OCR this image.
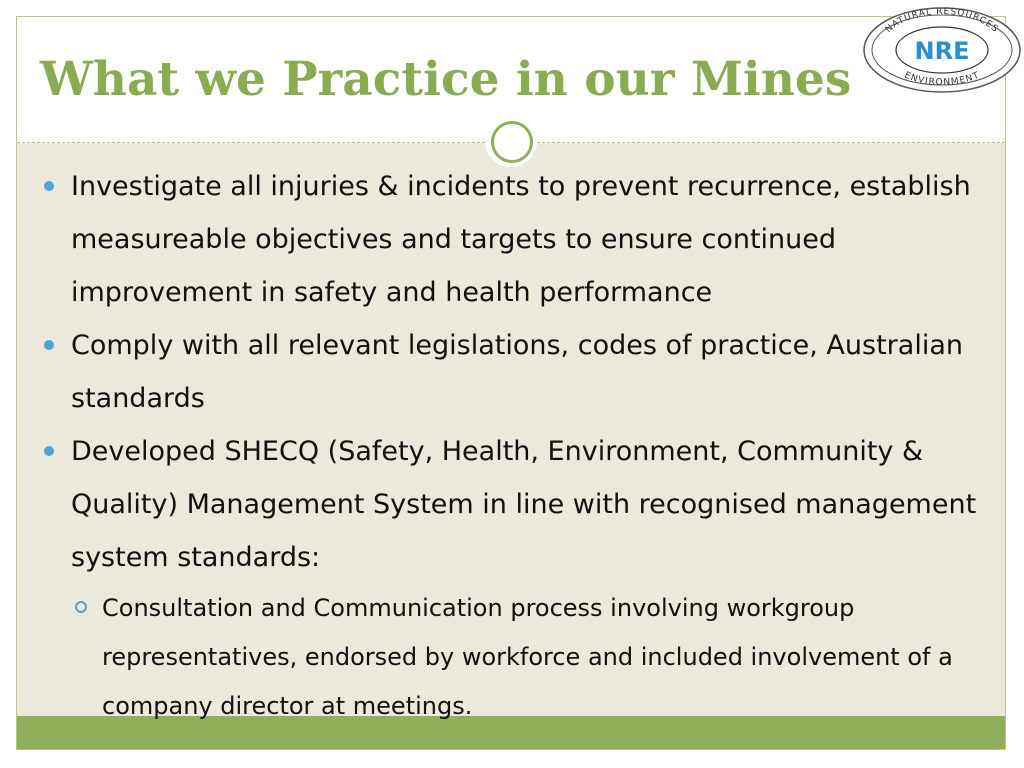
What we Practice in our Mines
NATURAL RESOURCES
ENVIRONMENT
NRE
Investigate all injuries & incidents to prevent recurrence, establish measureable objectives and targets to ensure continued improvement in safety and health performance
Comply with all relevant legislations, codes of practice, Australian standards
Developed SHECQ (Safety, Health, Environment, Community & Quality) Management System in line with recognised management system standards:
Consultation and Communication process involving workgroup representatives, endorsed by workforce and included involvement of a company director at meetings.
